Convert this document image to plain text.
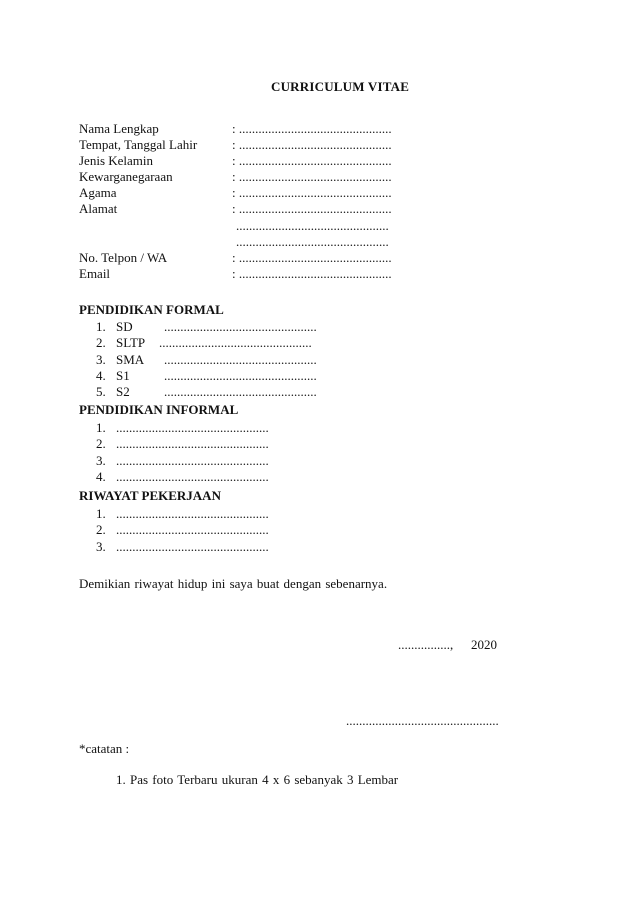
CURRICULUM VITAE
Nama Lengkap	: ...............................................
Tempat, Tanggal Lahir	: ...............................................
Jenis Kelamin	: ...............................................
Kewarganegaraan	: ...............................................
Agama	: ...............................................
Alamat	: ...............................................
...............................................
...............................................
No. Telpon / WA	: ...............................................
Email	: ...............................................
PENDIDIKAN FORMAL
1. SD ...............................................
2. SLTP ...............................................
3. SMA ...............................................
4. S1	...............................................
5. S2	...............................................
PENDIDIKAN INFORMAL
1. ...............................................
2. ...............................................
3. ...............................................
4. ...............................................
RIWAYAT PEKERJAAN
1. ...............................................
2. ...............................................
3. ...............................................
Demikian riwayat hidup ini saya buat dengan sebenarnya.
................, 2020
...............................................
*catatan :
1. Pas foto Terbaru ukuran 4 x 6 sebanyak 3 Lembar
